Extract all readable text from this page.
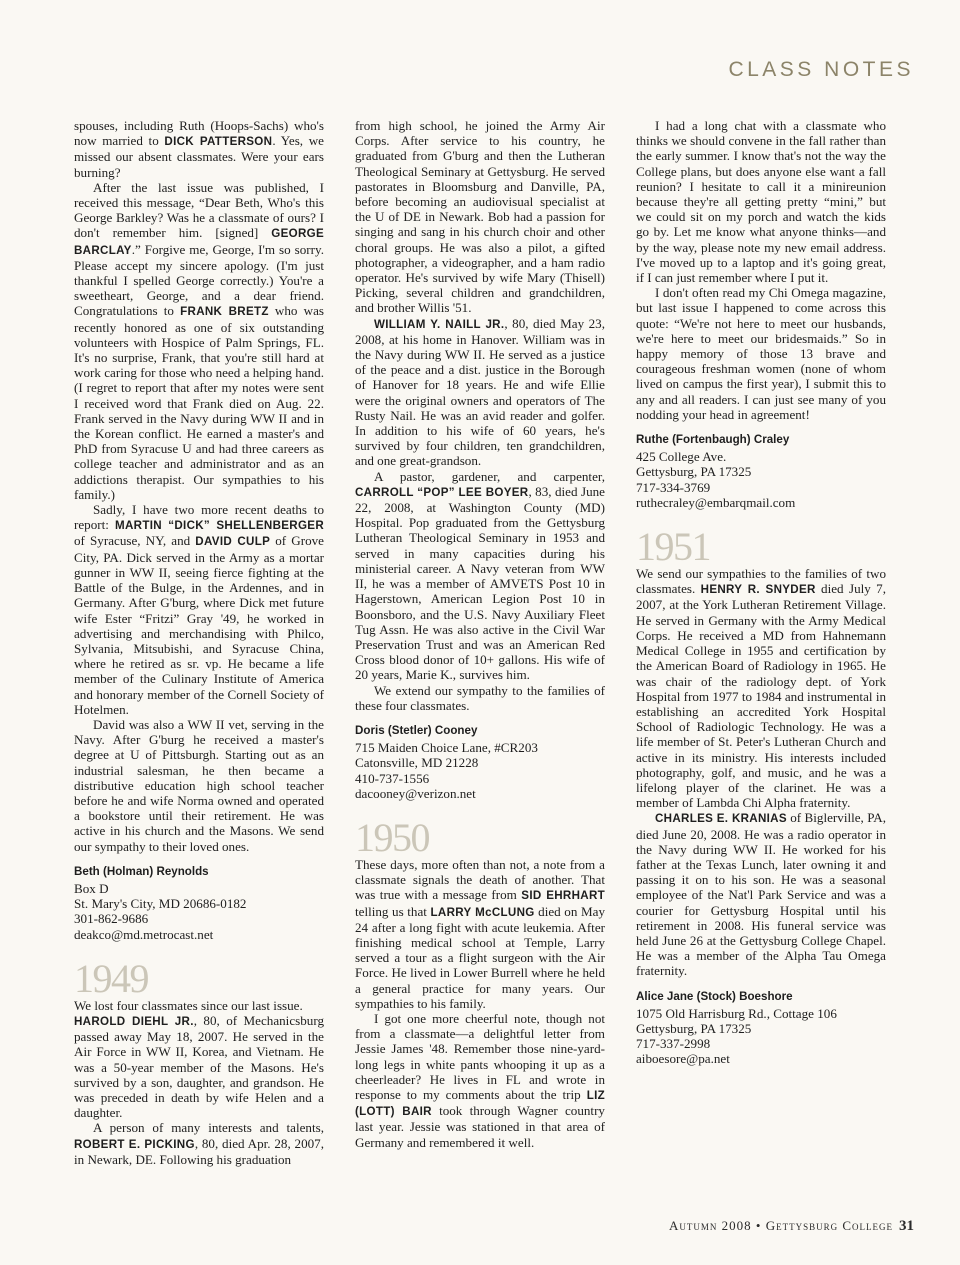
CLASS NOTES

spouses, including Ruth (Hoops-Sachs) who's now married to DICK PATTERSON. Yes, we missed our absent classmates. Were your ears burning?

After the last issue was published, I received this message, “Dear Beth, Who's this George Barkley? Was he a classmate of ours? I don't remember him. [signed] GEORGE BARCLAY.” Forgive me, George, I'm so sorry. Please accept my sincere apology. (I'm just thankful I spelled George correctly.) You're a sweetheart, George, and a dear friend. Congratulations to FRANK BRETZ who was recently honored as one of six outstanding volunteers with Hospice of Palm Springs, FL. It's no surprise, Frank, that you're still hard at work caring for those who need a helping hand. (I regret to report that after my notes were sent I received word that Frank died on Aug. 22. Frank served in the Navy during WW II and in the Korean conflict. He earned a master's and PhD from Syracuse U and had three careers as college teacher and administrator and as an addictions therapist. Our sympathies to his family.)

Sadly, I have two more recent deaths to report: MARTIN “DICK” SHELLENBERGER of Syracuse, NY, and DAVID CULP of Grove City, PA. Dick served in the Army as a mortar gunner in WW II, seeing fierce fighting at the Battle of the Bulge, in the Ardennes, and in Germany. After G'burg, where Dick met future wife Ester “Fritzi” Gray '49, he worked in advertising and merchandising with Philco, Sylvania, Mitsubishi, and Syracuse China, where he retired as sr. vp. He became a life member of the Culinary Institute of America and honorary member of the Cornell Society of Hotelmen.

David was also a WW II vet, serving in the Navy. After G'burg he received a master's degree at U of Pittsburgh. Starting out as an industrial salesman, he then became a distributive education high school teacher before he and wife Norma owned and operated a bookstore until their retirement. He was active in his church and the Masons. We send our sympathy to their loved ones.

Beth (Holman) Reynolds
Box D
St. Mary's City, MD 20686-0182
301-862-9686
deakco@md.metrocast.net
1949

We lost four classmates since our last issue.

HAROLD DIEHL JR., 80, of Mechanicsburg passed away May 18, 2007. He served in the Air Force in WW II, Korea, and Vietnam. He was a 50-year member of the Masons. He's survived by a son, daughter, and grandson. He was preceded in death by wife Helen and a daughter.

A person of many interests and talents, ROBERT E. PICKING, 80, died Apr. 28, 2007, in Newark, DE. Following his graduation

from high school, he joined the Army Air Corps. After service to his country, he graduated from G'burg and then the Lutheran Theological Seminary at Gettysburg. He served pastorates in Bloomsburg and Danville, PA, before becoming an audiovisual specialist at the U of DE in Newark. Bob had a passion for singing and sang in his church choir and other choral groups. He was also a pilot, a gifted photographer, a videographer, and a ham radio operator. He's survived by wife Mary (Thisell) Picking, several children and grandchildren, and brother Willis '51.

WILLIAM Y. NAILL JR., 80, died May 23, 2008, at his home in Hanover. William was in the Navy during WW II. He served as a justice of the peace and a dist. justice in the Borough of Hanover for 18 years. He and wife Ellie were the original owners and operators of The Rusty Nail. He was an avid reader and golfer. In addition to his wife of 60 years, he's survived by four children, ten grandchildren, and one great-grandson.

A pastor, gardener, and carpenter, CARROLL “POP” LEE BOYER, 83, died June 22, 2008, at Washington County (MD) Hospital. Pop graduated from the Gettysburg Lutheran Theological Seminary in 1953 and served in many capacities during his ministerial career. A Navy veteran from WW II, he was a member of AMVETS Post 10 in Hagerstown, American Legion Post 10 in Boonsboro, and the U.S. Navy Auxiliary Fleet Tug Assn. He was also active in the Civil War Preservation Trust and was an American Red Cross blood donor of 10+ gallons. His wife of 20 years, Marie K., survives him.

We extend our sympathy to the families of these four classmates.

Doris (Stetler) Cooney
715 Maiden Choice Lane, #CR203
Catonsville, MD 21228
410-737-1556
dacooney@verizon.net
1950

These days, more often than not, a note from a classmate signals the death of another. That was true with a message from SID EHRHART telling us that LARRY McCLUNG died on May 24 after a long fight with acute leukemia. After finishing medical school at Temple, Larry served a tour as a flight surgeon with the Air Force. He lived in Lower Burrell where he held a general practice for many years. Our sympathies to his family.

I got one more cheerful note, though not from a classmate—a delightful letter from Jessie James '48. Remember those nine-yard-long legs in white pants whooping it up as a cheerleader? He lives in FL and wrote in response to my comments about the trip LIZ (LOTT) BAIR took through Wagner country last year. Jessie was stationed in that area of Germany and remembered it well.

I had a long chat with a classmate who thinks we should convene in the fall rather than the early summer. I know that's not the way the College plans, but does anyone else want a fall reunion? I hesitate to call it a minireunion because they're all getting pretty “mini,” but we could sit on my porch and watch the kids go by. Let me know what anyone thinks—and by the way, please note my new email address. I've moved up to a laptop and it's going great, if I can just remember where I put it.

I don't often read my Chi Omega magazine, but last issue I happened to come across this quote: “We're not here to meet our husbands, we're here to meet our bridesmaids.” So in happy memory of those 13 brave and courageous freshman women (none of whom lived on campus the first year), I submit this to any and all readers. I can just see many of you nodding your head in agreement!

Ruthe (Fortenbaugh) Craley
425 College Ave.
Gettysburg, PA 17325
717-334-3769
ruthecraley@embarqmail.com
1951

We send our sympathies to the families of two classmates. HENRY R. SNYDER died July 7, 2007, at the York Lutheran Retirement Village. He served in Germany with the Army Medical Corps. He received a MD from Hahnemann Medical College in 1955 and certification by the American Board of Radiology in 1965. He was chair of the radiology dept. of York Hospital from 1977 to 1984 and instrumental in establishing an accredited York Hospital School of Radiologic Technology. He was a life member of St. Peter's Lutheran Church and active in its ministry. His interests included photography, golf, and music, and he was a lifelong player of the clarinet. He was a member of Lambda Chi Alpha fraternity.

CHARLES E. KRANIAS of Biglerville, PA, died June 20, 2008. He was a radio operator in the Navy during WW II. He worked for his father at the Texas Lunch, later owning it and passing it on to his son. He was a seasonal employee of the Nat'l Park Service and was a courier for Gettysburg Hospital until his retirement in 2008. His funeral service was held June 26 at the Gettysburg College Chapel. He was a member of the Alpha Tau Omega fraternity.

Alice Jane (Stock) Boeshore
1075 Old Harrisburg Rd., Cottage 106
Gettysburg, PA 17325
717-337-2998
aiboesore@pa.net
Autumn 2008 • Gettysburg College 31
